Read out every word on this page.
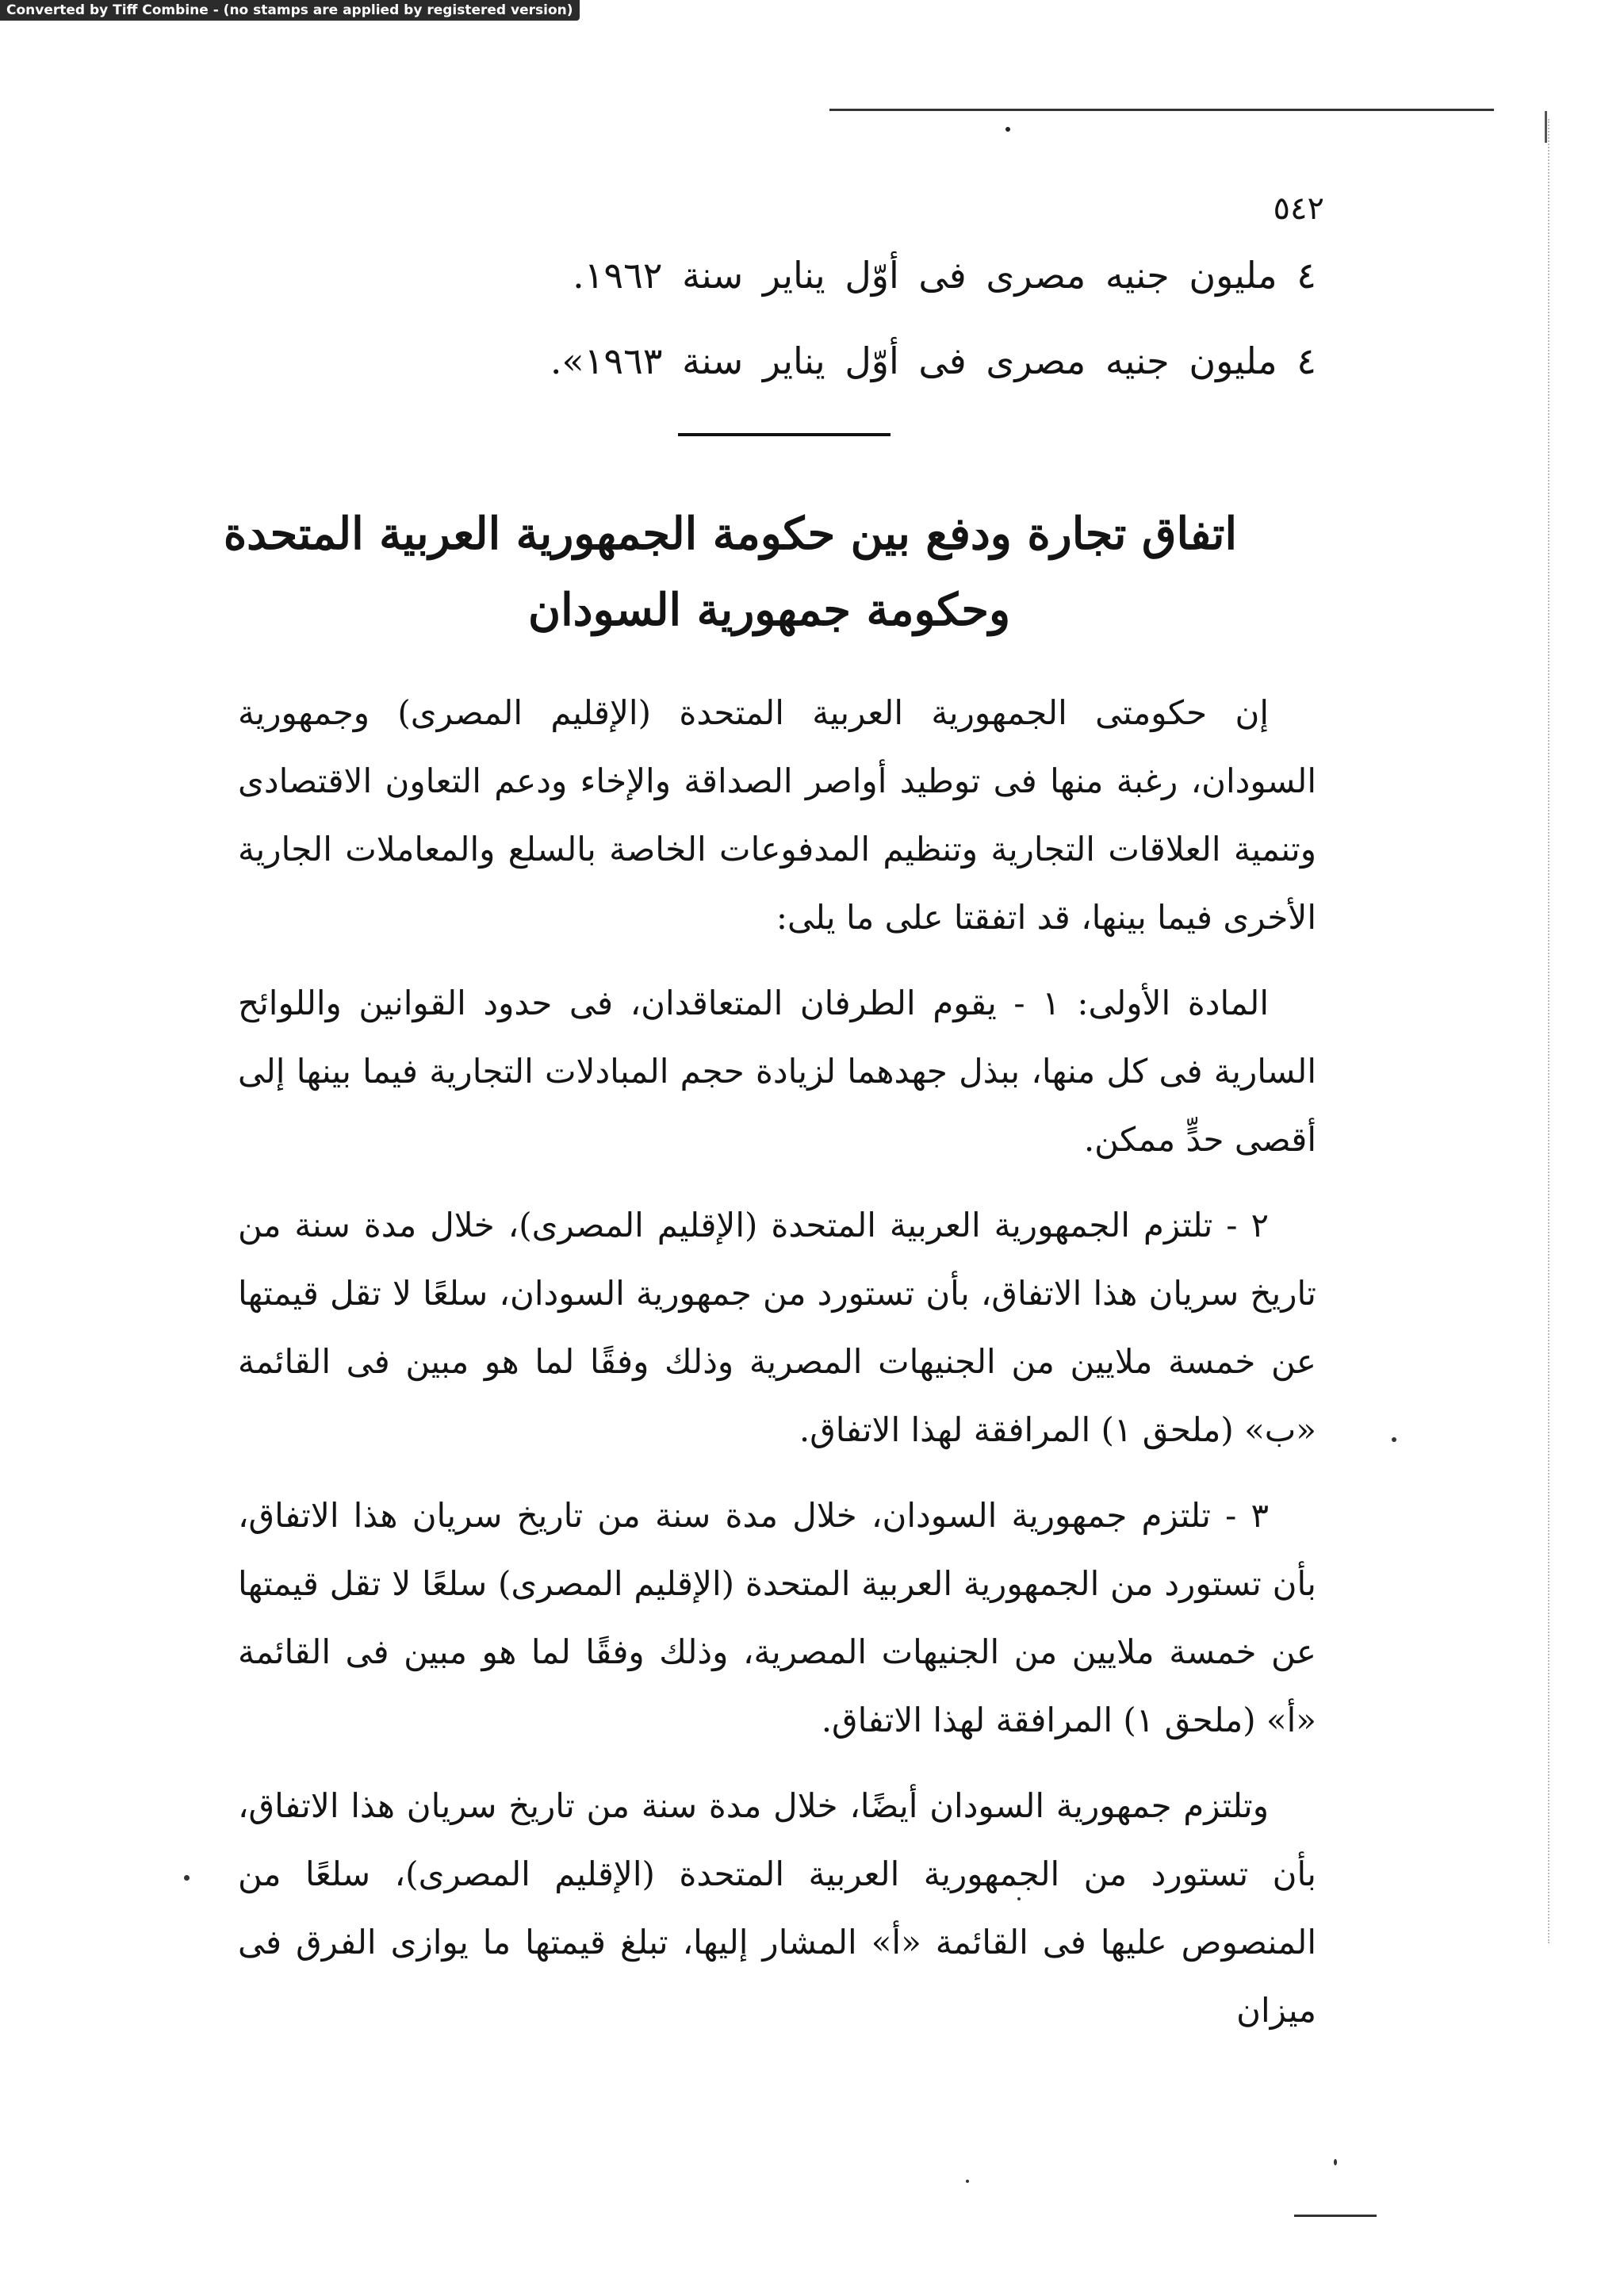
Converted by Tiff Combine - (no stamps are applied by registered version)
٥٤٢
٤ مليون جنيه مصرى فى أوّل يناير سنة ١٩٦٢.
٤ مليون جنيه مصرى فى أوّل يناير سنة ١٩٦٣».
اتفاق تجارة ودفع بين حكومة الجمهورية العربية المتحدة
وحكومة جمهورية السودان

إن حكومتى الجمهورية العربية المتحدة (الإقليم المصرى) وجمهورية السودان، رغبة منها فى توطيد أواصر الصداقة والإخاء ودعم التعاون الاقتصادى وتنمية العلاقات التجارية وتنظيم المدفوعات الخاصة بالسلع والمعاملات الجارية الأخرى فيما بينها، قد اتفقتا على ما يلى:

المادة الأولى: ١ - يقوم الطرفان المتعاقدان، فى حدود القوانين واللوائح السارية فى كل منها، ببذل جهدهما لزيادة حجم المبادلات التجارية فيما بينها إلى أقصى حدٍّ ممكن.

٢ - تلتزم الجمهورية العربية المتحدة (الإقليم المصرى)، خلال مدة سنة من تاريخ سريان هذا الاتفاق، بأن تستورد من جمهورية السودان، سلعًا لا تقل قيمتها عن خمسة ملايين من الجنيهات المصرية وذلك وفقًا لما هو مبين فى القائمة «ب» (ملحق ١) المرافقة لهذا الاتفاق.

٣ - تلتزم جمهورية السودان، خلال مدة سنة من تاريخ سريان هذا الاتفاق، بأن تستورد من الجمهورية العربية المتحدة (الإقليم المصرى) سلعًا لا تقل قيمتها عن خمسة ملايين من الجنيهات المصرية، وذلك وفقًا لما هو مبين فى القائمة «أ» (ملحق ١) المرافقة لهذا الاتفاق.

وتلتزم جمهورية السودان أيضًا، خلال مدة سنة من تاريخ سريان هذا الاتفاق، بأن تستورد من الجمهورية العربية المتحدة (الإقليم المصرى)، سلعًا من المنصوص عليها فى القائمة «أ» المشار إليها، تبلغ قيمتها ما يوازى الفرق فى ميزان
